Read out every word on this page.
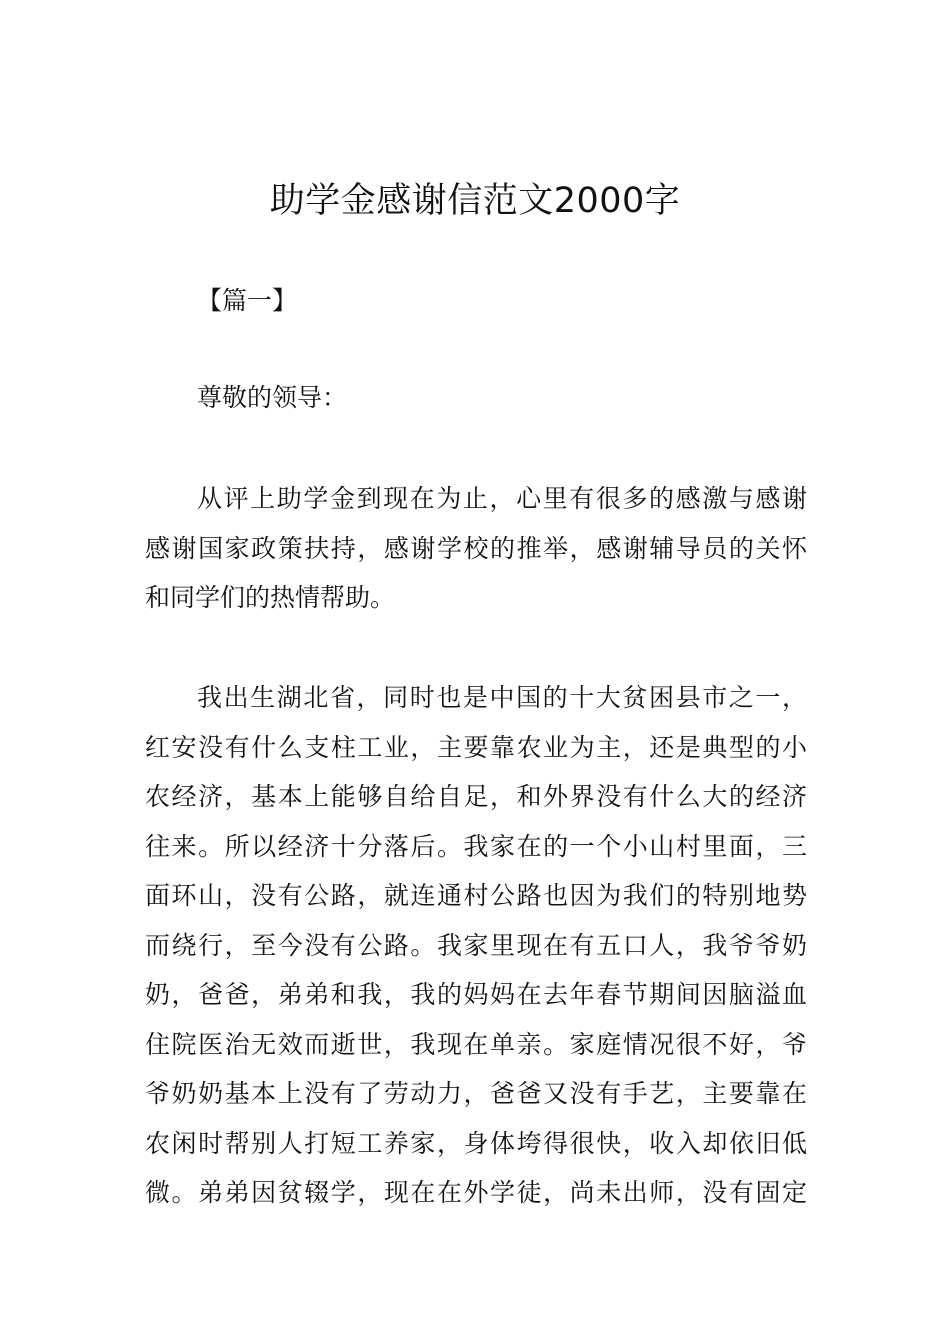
助学金感谢信范文2000字

【篇一】

尊敬的领导：

从评上助学金到现在为止，心里有很多的感激与感谢
感谢国家政策扶持，感谢学校的推举，感谢辅导员的关怀
和同学们的热情帮助。

我出生湖北省，同时也是中国的十大贫困县市之一，
红安没有什么支柱工业，主要靠农业为主，还是典型的小
农经济，基本上能够自给自足，和外界没有什么大的经济
往来。所以经济十分落后。我家在的一个小山村里面，三
面环山，没有公路，就连通村公路也因为我们的特别地势
而绕行，至今没有公路。我家里现在有五口人，我爷爷奶
奶，爸爸，弟弟和我，我的妈妈在去年春节期间因脑溢血
住院医治无效而逝世，我现在单亲。家庭情况很不好，爷
爷奶奶基本上没有了劳动力，爸爸又没有手艺，主要靠在
农闲时帮别人打短工养家，身体垮得很快，收入却依旧低
微。弟弟因贫辍学，现在在外学徒，尚未出师，没有固定
